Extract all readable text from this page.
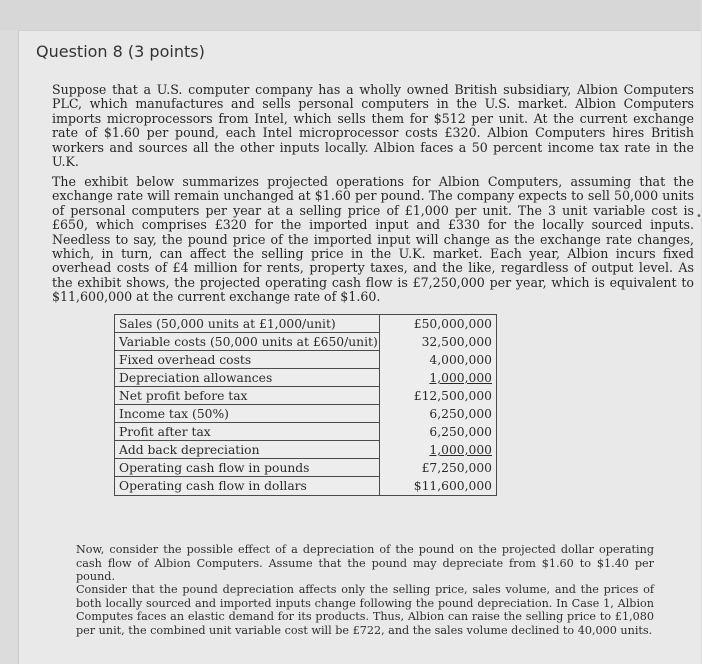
Question 8 (3 points)
Suppose that a U.S. computer company has a wholly owned British subsidiary, Albion Computers PLC, which manufactures and sells personal computers in the U.S. market. Albion Computers imports microprocessors from Intel, which sells them for $512 per unit. At the current exchange rate of $1.60 per pound, each Intel microprocessor costs £320. Albion Computers hires British workers and sources all the other inputs locally. Albion faces a 50 percent income tax rate in the U.K.
The exhibit below summarizes projected operations for Albion Computers, assuming that the exchange rate will remain unchanged at $1.60 per pound. The company expects to sell 50,000 units of personal computers per year at a selling price of £1,000 per unit. The 3 unit variable cost is £650, which comprises £320 for the imported input and £330 for the locally sourced inputs. Needless to say, the pound price of the imported input will change as the exchange rate changes, which, in turn, can affect the selling price in the U.K. market. Each year, Albion incurs fixed overhead costs of £4 million for rents, property taxes, and the like, regardless of output level. As the exhibit shows, the projected operating cash flow is £7,250,000 per year, which is equivalent to $11,600,000 at the current exchange rate of $1.60.
•
Sales (50,000 units at £1,000/unit)	£50,000,000
Variable costs (50,000 units at £650/unit)	32,500,000
Fixed overhead costs	4,000,000
Depreciation allowances	1,000,000
Net profit before tax	£12,500,000
Income tax (50%)	6,250,000
Profit after tax	6,250,000
Add back depreciation	1,000,000
Operating cash flow in pounds	£7,250,000
Operating cash flow in dollars	$11,600,000
Now, consider the possible effect of a depreciation of the pound on the projected dollar operating cash flow of Albion Computers. Assume that the pound may depreciate from $1.60 to $1.40 per pound.
Consider that the pound depreciation affects only the selling price, sales volume, and the prices of both locally sourced and imported inputs change following the pound depreciation. In Case 1, Albion Computes faces an elastic demand for its products. Thus, Albion can raise the selling price to £1,080 per unit, the combined unit variable cost will be £722, and the sales volume declined to 40,000 units.
